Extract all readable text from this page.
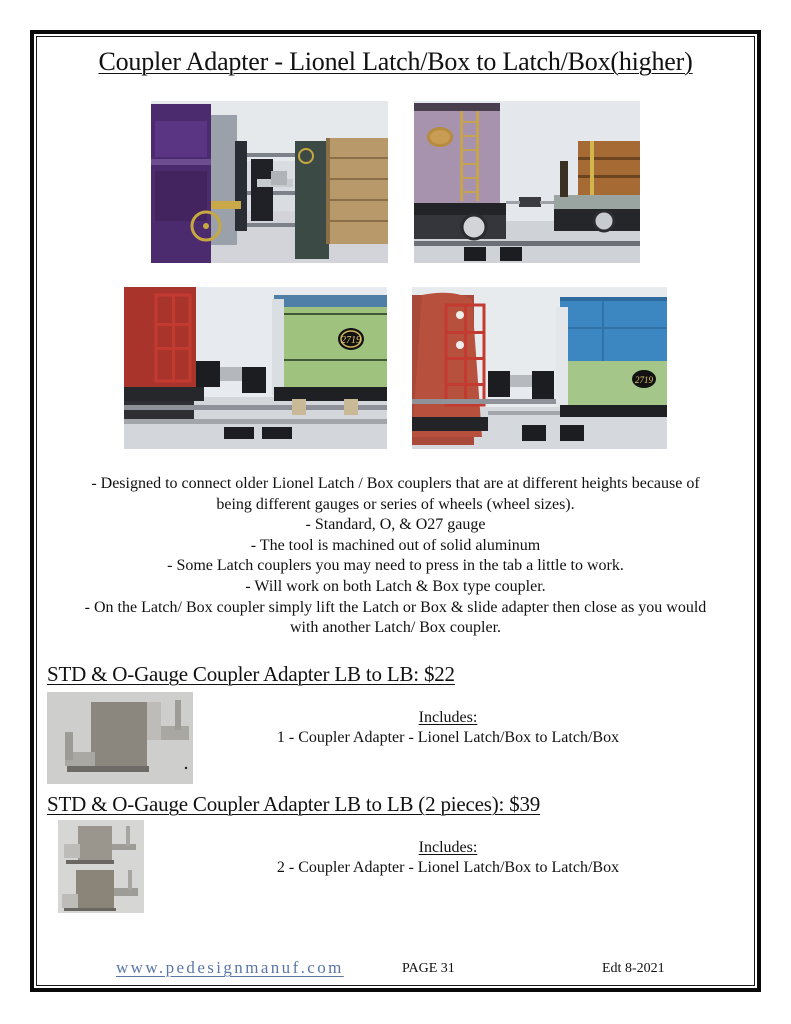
Coupler Adapter - Lionel Latch/Box to Latch/Box(higher)
2719
2719
- Designed to connect older Lionel Latch / Box couplers that are at different heights because of
being different gauges or series of wheels (wheel sizes).
- Standard, O, & O27 gauge
- The tool is machined out of solid aluminum
- Some Latch couplers you may need to press in the tab a little to work.
- Will work on both Latch & Box type coupler.
- On the Latch/ Box coupler simply lift the Latch or Box & slide adapter then close as you would
with another Latch/ Box coupler.
STD & O-Gauge Coupler Adapter LB to LB: $22
Includes:
1 - Coupler Adapter - Lionel Latch/Box to Latch/Box
STD & O-Gauge Coupler Adapter LB to LB (2 pieces): $39
Includes:
2 - Coupler Adapter - Lionel Latch/Box to Latch/Box
www.pedesignmanuf.com	PAGE 31	Edt 8-2021
